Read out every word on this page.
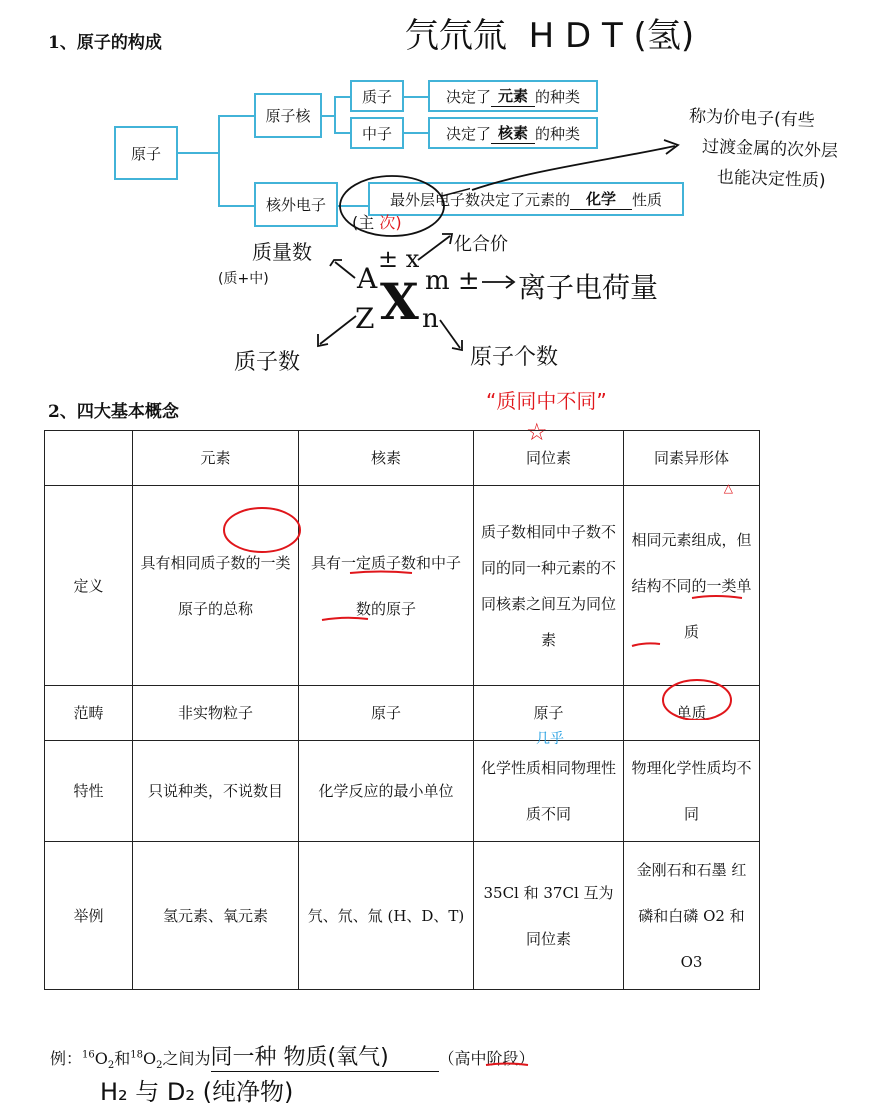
氕氘氚  H D T (氢)
1、原子的构成
原子
原子核
质子
中子
决定了 元素 的种类
决定了 核素 的种类
核外电子	最外层电子数决定了元素的	化学	性质
(主 次)
称为价电子(有些
过渡金属的次外层
也能决定性质)
A
Z X
± x
m ±
n
质量数
(质+中)
化合价
离子电荷量
质子数	原子个数
2、四大基本概念	“质同中不同”
☆
	元素	核素	同位素	同素异形体
△

定义	具有相同质子数的一类原子的总称	具有一定质子数和中子数的原子	质子数相同中子数不同的同一种元素的不同核素之间互为同位素	相同元素组成，但结构不同的一类单质
范畴	非实物粒子	原子	原子	单质
特性	只说种类，不说数目	化学反应的最小单位	化学性质相同物理性质不同	物理化学性质均不同
举例	氢元素、氧元素	氕、氘、氚 (H、D、T)	35Cl 和 37Cl 互为同位素	金刚石和石墨 红磷和白磷 O2 和 O3
几乎
例：$^{16}O_2$和$^{18}O_2$之间为同一种 物质(氧气)	（高中阶段）
H₂ 与 D₂ (纯净物)
